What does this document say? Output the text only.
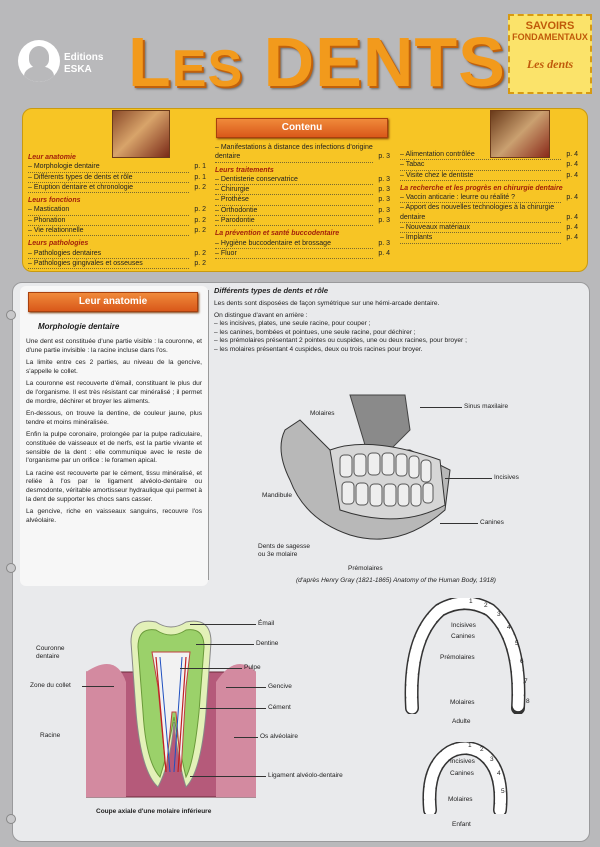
Editions
ESKA LES DENTS	SAVOIRS
FONDAMENTAUX
Les dents
Contenu
Leur anatomie
– Morphologie dentaire	p. 1
– Différents types de dents et rôle	p. 1
– Eruption dentaire et chronologie	p. 2
Leurs fonctions
– Mastication	p. 2
– Phonation	p. 2
– Vie relationnelle	p. 2
Leurs pathologies
– Pathologies dentaires	p. 2
– Pathologies gingivales et osseuses	p. 2
– Manifestations à distance des infections d'origine
dentaire	p. 3
Leurs traitements
– Dentisterie conservatrice	p. 3
– Chirurgie	p. 3
– Prothèse	p. 3
– Orthodontie	p. 3
– Parodontie	p. 3
La prévention et santé buccodentaire
– Hygiène buccodentaire et brossage	p. 3
– Fluor	p. 4
– Alimentation contrôlée	p. 4
– Tabac	p. 4
– Visite chez le dentiste	p. 4
La recherche et les progrès en chirurgie dentaire
– Vaccin anticarie : leurre ou réalité ?	p. 4
– Apport des nouvelles technologies à la chirurgie
dentaire	p. 4
– Nouveaux matériaux	p. 4
– Implants	p. 4
Leur anatomie
Morphologie dentaire

Une dent est constituée d'une partie visible : la couronne, et d'une partie invisible : la racine incluse dans l'os.

La limite entre ces 2 parties, au niveau de la gencive, s'appelle le collet.

La couronne est recouverte d'émail, constituant le plus dur de l'organisme. Il est très résistant car minéralisé ; il permet de mordre, déchirer et broyer les aliments.

En-dessous, on trouve la dentine, de couleur jaune, plus tendre et moins minéralisée.

Enfin la pulpe coronaire, prolongée par la pulpe radiculaire, constituée de vaisseaux et de nerfs, est la partie vivante et sensible de la dent : elle communique avec le reste de l'organisme par un orifice : le foramen apical.

La racine est recouverte par le cément, tissu minéralisé, et reliée à l'os par le ligament alvéolo-dentaire ou desmodonte, véritable amortisseur hydraulique qui permet à la dent de supporter les chocs sans casser.

La gencive, riche en vaisseaux sanguins, recouvre l'os alvéolaire.

Différents types de dents et rôle
Les dents sont disposées de façon symétrique sur une hémi-arcade dentaire.
On distingue d'avant en arrière :
– les incisives, plates, une seule racine, pour couper ;
– les canines, bombées et pointues, une seule racine, pour déchirer ;
– les prémolaires présentant 2 pointes ou cuspides, une ou deux racines, pour broyer ;
– les molaires présentant 4 cuspides, deux ou trois racines pour broyer.
Molaires
Sinus maxilaire
Incisives
Mandibule
Canines
Dents de sagesse
ou 3e molaire
Prémolaires
(d'après Henry Gray (1821-1865) Anatomy of the Human Body, 1918)
Émail
Dentine
Couronne
dentaire
Pulpe
Zone du collet	Gencive
Cément
Racine	Os alvéolaire
Ligament alvéolo-dentaire
Coupe axiale d'une molaire inférieure
Incisives
Canines
Prémolaires
Molaires
Adulte
1
2
3
4
5
6
7
8
Incisives
Canines
Molaires
Enfant
1
2
3
4
5
